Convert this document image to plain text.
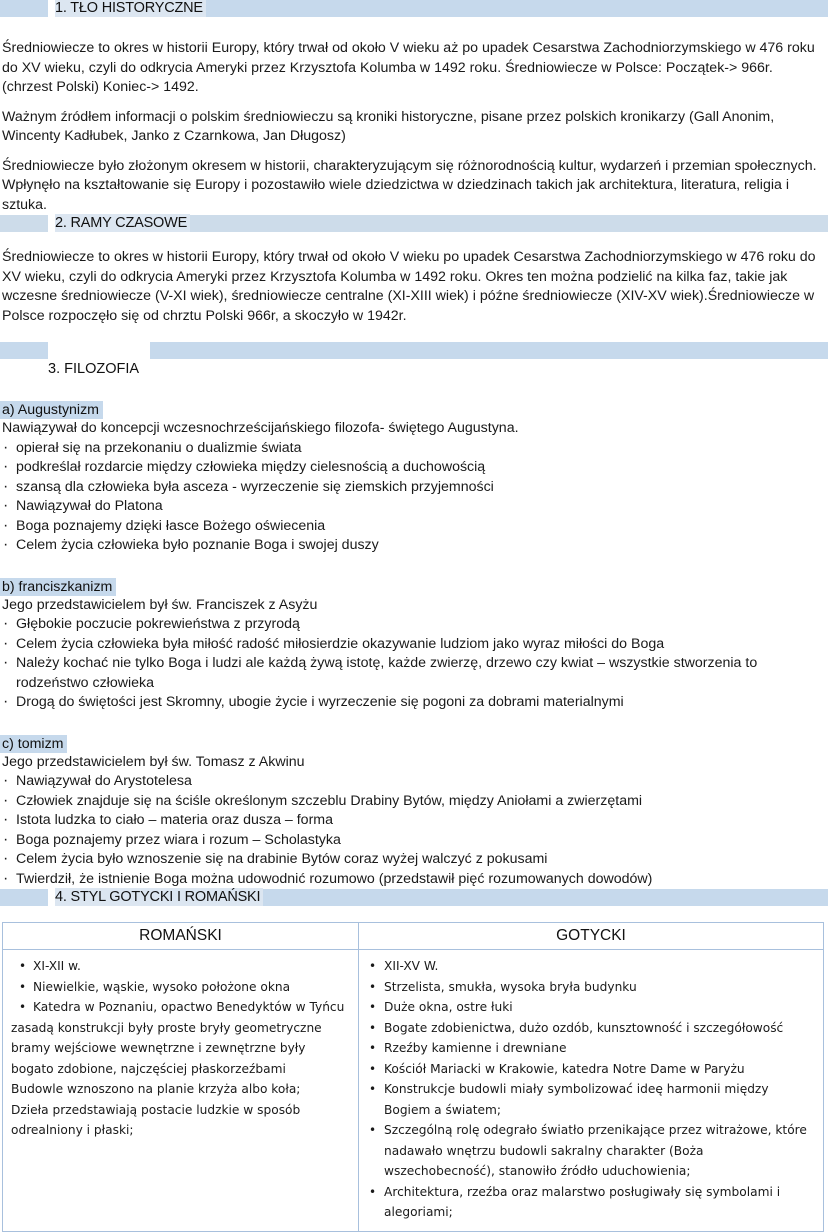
1. TŁO HISTORYCZNE
Średniowiecze to okres w historii Europy, który trwał od około V wieku aż po upadek Cesarstwa Zachodniorzymskiego w 476 roku do XV wieku, czyli do odkrycia Ameryki przez Krzysztofa Kolumba w 1492 roku. Średniowiecze w Polsce: Początek-> 966r. (chrzest Polski) Koniec-> 1492.
Ważnym źródłem informacji o polskim średniowieczu są kroniki historyczne, pisane przez polskich kronikarzy (Gall Anonim, Wincenty Kadłubek, Janko z Czarnkowa, Jan Długosz)
Średniowiecze było złożonym okresem w historii, charakteryzującym się różnorodnością kultur, wydarzeń i przemian społecznych. Wpłynęło na kształtowanie się Europy i pozostawiło wiele dziedzictwa w dziedzinach takich jak architektura, literatura, religia i sztuka.
2. RAMY CZASOWE
Średniowiecze to okres w historii Europy, który trwał od około V wieku po upadek Cesarstwa Zachodniorzymskiego w 476 roku do XV wieku, czyli do odkrycia Ameryki przez Krzysztofa Kolumba w 1492 roku. Okres ten można podzielić na kilka faz, takie jak wczesne średniowiecze (V-XI wiek), średniowiecze centralne (XI-XIII wiek) i późne średniowiecze (XIV-XV wiek).Średniowiecze w Polsce rozpoczęło się od chrztu Polski 966r, a skoczyło w 1942r.
3. FILOZOFIA
a) Augustynizm
Nawiązywał do koncepcji wczesnochrześcijańskiego filozofa- świętego Augustyna.
· opierał się na przekonaniu o dualizmie świata
· podkreślał rozdarcie między człowieka między cielesnością a duchowością
· szansą dla człowieka była asceza - wyrzeczenie się ziemskich przyjemności
· Nawiązywał do Platona
· Boga poznajemy dzięki łasce Bożego oświecenia
· Celem życia człowieka było poznanie Boga i swojej duszy
b) franciszkanizm
Jego przedstawicielem był św. Franciszek z Asyżu
· Głębokie poczucie pokrewieństwa z przyrodą
· Celem życia człowieka była miłość radość miłosierdzie okazywanie ludziom jako wyraz miłości do Boga
· Należy kochać nie tylko Boga i ludzi ale każdą żywą istotę, każde zwierzę, drzewo czy kwiat – wszystkie stworzenia to rodzeństwo człowieka
· Drogą do świętości jest Skromny, ubogie życie i wyrzeczenie się pogoni za dobrami materialnymi
c) tomizm
Jego przedstawicielem był św. Tomasz z Akwinu
· Nawiązywał do Arystotelesa
· Człowiek znajduje się na ściśle określonym szczeblu Drabiny Bytów, między Aniołami a zwierzętami
· Istota ludzka to ciało – materia oraz dusza – forma
· Boga poznajemy przez wiara i rozum – Scholastyka
· Celem życia było wznoszenie się na drabinie Bytów coraz wyżej walczyć z pokusami
· Twierdził, że istnienie Boga można udowodnić rozumowo (przedstawił pięć rozumowanych dowodów)
4. STYL GOTYCKI I ROMAŃSKI
ROMAŃSKI	GOTYCKI

• XI-XII w.
• Niewielkie, wąskie, wysoko położone okna
• Katedra w Poznaniu, opactwo Benedyktów w Tyńcu
zasadą konstrukcji były proste bryły geometryczne bramy wejściowe wewnętrzne i zewnętrzne były bogato zdobione, najczęściej płaskorzeźbami
Budowle wznoszono na planie krzyża albo koła;
Dzieła przedstawiają postacie ludzkie w sposób odrealniony i płaski;

• XII-XV W.
• Strzelista, smukła, wysoka bryła budynku
• Duże okna, ostre łuki
• Bogate zdobienictwa, dużo ozdób, kunsztowność i szczegółowość
• Rzeźby kamienne i drewniane
• Kościół Mariacki w Krakowie, katedra Notre Dame w Paryżu
• Konstrukcje budowli miały symbolizować ideę harmonii między Bogiem a światem;
• Szczególną rolę odegrało światło przenikające przez witrażowe, które nadawało wnętrzu budowli sakralny charakter (Boża wszechobecność), stanowiło źródło uduchowienia;
• Architektura, rzeźba oraz malarstwo posługiwały się symbolami i alegoriami;
